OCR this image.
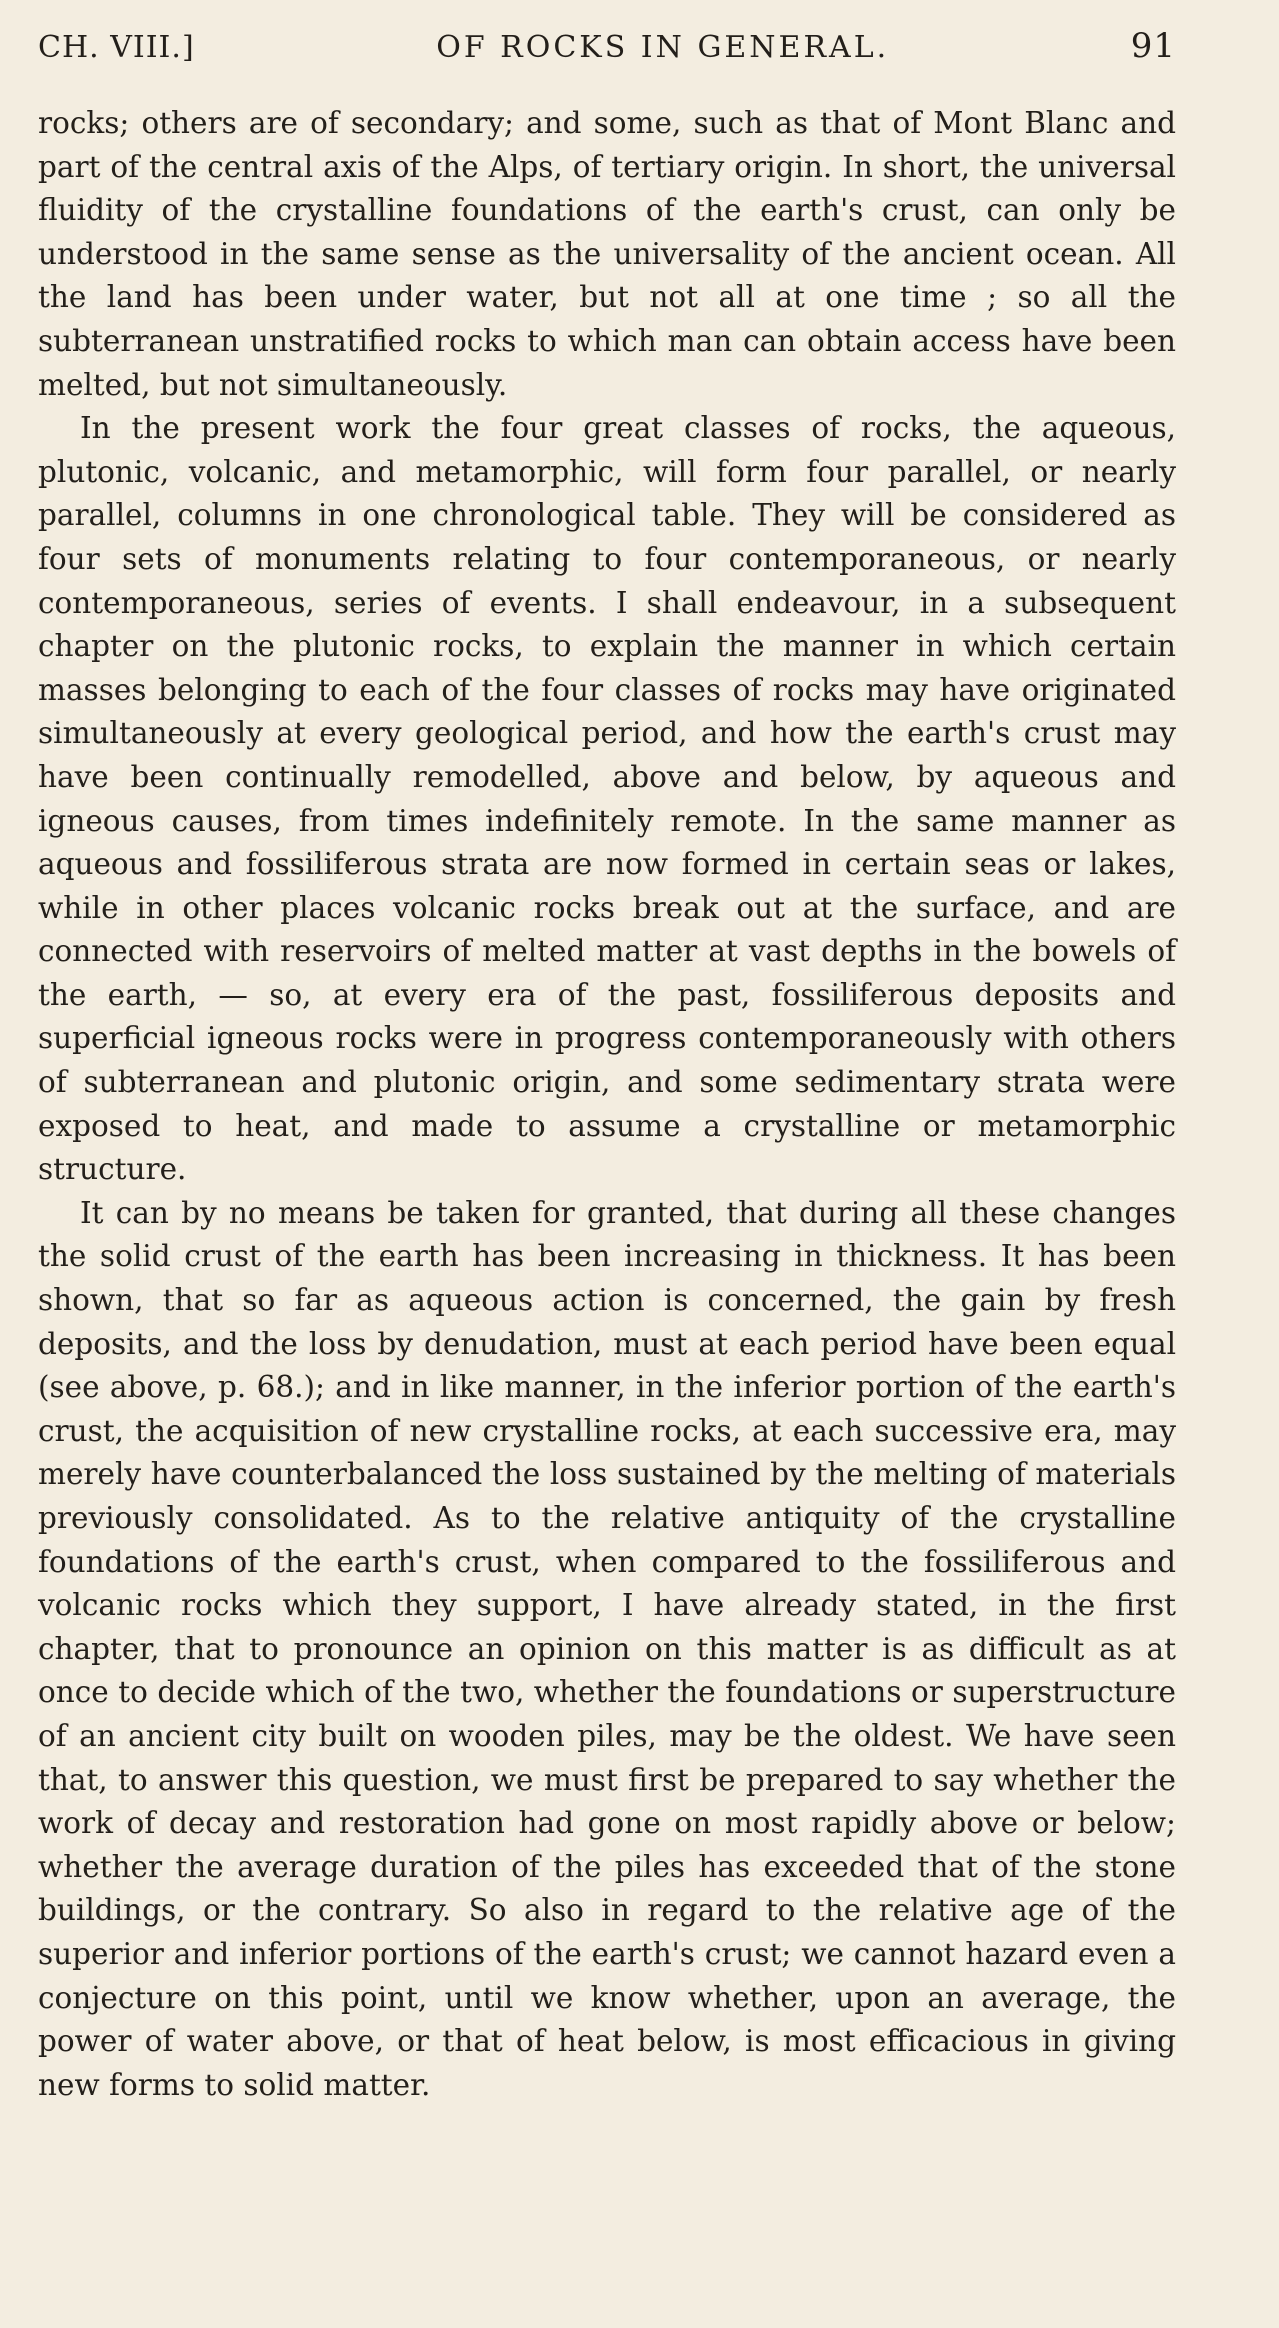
CH. VIII.]	OF ROCKS IN GENERAL.	91

rocks; others are of secondary; and some, such as that of Mont Blanc and part of the central axis of the Alps, of tertiary origin. In short, the universal fluidity of the crystalline foundations of the earth's crust, can only be understood in the same sense as the universality of the ancient ocean. All the land has been under water, but not all at one time ; so all the subterranean unstratified rocks to which man can obtain access have been melted, but not simultaneously.

In the present work the four great classes of rocks, the aqueous, plutonic, volcanic, and metamorphic, will form four parallel, or nearly parallel, columns in one chronological table. They will be considered as four sets of monuments relating to four contemporaneous, or nearly contemporaneous, series of events. I shall endeavour, in a subsequent chapter on the plutonic rocks, to explain the manner in which certain masses belonging to each of the four classes of rocks may have originated simultaneously at every geological period, and how the earth's crust may have been continually remodelled, above and below, by aqueous and igneous causes, from times indefinitely remote. In the same manner as aqueous and fossiliferous strata are now formed in certain seas or lakes, while in other places volcanic rocks break out at the surface, and are connected with reservoirs of melted matter at vast depths in the bowels of the earth, — so, at every era of the past, fossiliferous deposits and superficial igneous rocks were in progress contemporaneously with others of subterranean and plutonic origin, and some sedimentary strata were exposed to heat, and made to assume a crystalline or metamorphic structure.

It can by no means be taken for granted, that during all these changes the solid crust of the earth has been increasing in thickness. It has been shown, that so far as aqueous action is concerned, the gain by fresh deposits, and the loss by denudation, must at each period have been equal (see above, p. 68.); and in like manner, in the inferior portion of the earth's crust, the acquisition of new crystalline rocks, at each successive era, may merely have counterbalanced the loss sustained by the melting of materials previously consolidated. As to the relative antiquity of the crystalline foundations of the earth's crust, when compared to the fossiliferous and volcanic rocks which they support, I have already stated, in the first chapter, that to pronounce an opinion on this matter is as difficult as at once to decide which of the two, whether the foundations or superstructure of an ancient city built on wooden piles, may be the oldest. We have seen that, to answer this question, we must first be prepared to say whether the work of decay and restoration had gone on most rapidly above or below; whether the average duration of the piles has exceeded that of the stone buildings, or the contrary. So also in regard to the relative age of the superior and inferior portions of the earth's crust; we cannot hazard even a conjecture on this point, until we know whether, upon an average, the power of water above, or that of heat below, is most efficacious in giving new forms to solid matter.
